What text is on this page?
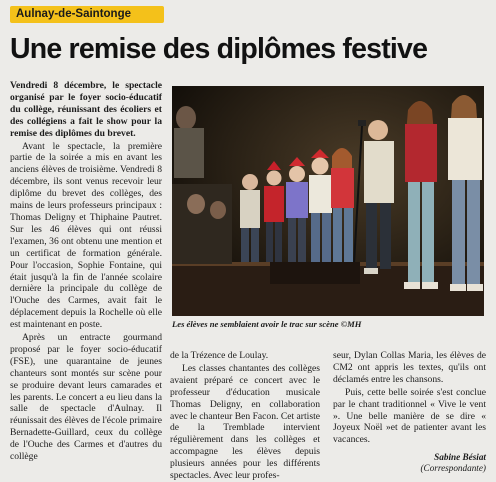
Aulnay-de-Saintonge
Une remise des diplômes festive

Vendredi 8 décembre, le spectacle organisé par le foyer socio-éducatif du collège, réunissant des écoliers et des collégiens a fait le show pour la remise des diplômes du brevet.

Avant le spectacle, la première partie de la soirée a mis en avant les anciens élèves de troisième. Vendredi 8 décembre, ils sont venus recevoir leur diplôme du brevet des collèges, des mains de leurs professeurs principaux : Thomas Deligny et Thiphaine Pautret. Sur les 46 élèves qui ont réussi l'examen, 36 ont obtenu une mention et un certificat de formation générale. Pour l'occasion, Sophie Fontaine, qui était jusqu'à la fin de l'année scolaire dernière la principale du collège de l'Ouche des Carmes, avait fait le déplacement depuis la Rochelle où elle est maintenant en poste.

Après un entracte gourmand proposé par le foyer socio-éducatif (FSE), une quarantaine de jeunes chanteurs sont montés sur scène pour se produire devant leurs camarades et les parents. Le concert a eu lieu dans la salle de spectacle d'Aulnay. Il réunissait des élèves de l'école primaire Bernadette-Guillard, ceux du collège de l'Ouche des Carmes et d'autres du collège

Les élèves ne semblaient avoir le trac sur scène ©MH

de la Trézence de Loulay.

Les classes chantantes des collèges avaient préparé ce concert avec le professeur d'éducation musicale Thomas Deligny, en collaboration avec le chanteur Ben Facon. Cet artiste de la Tremblade intervient régulièrement dans les collèges et accompagne les élèves depuis plusieurs années pour les différents spectacles. Avec leur profes-

seur, Dylan Collas Maria, les élèves de CM2 ont appris les textes, qu'ils ont déclamés entre les chansons.

Puis, cette belle soirée s'est conclue par le chant traditionnel « Vive le vent ». Une belle manière de se dire « Joyeux Noël »et de patienter avant les vacances.

Sabine Bésiat
(Correspondante)
